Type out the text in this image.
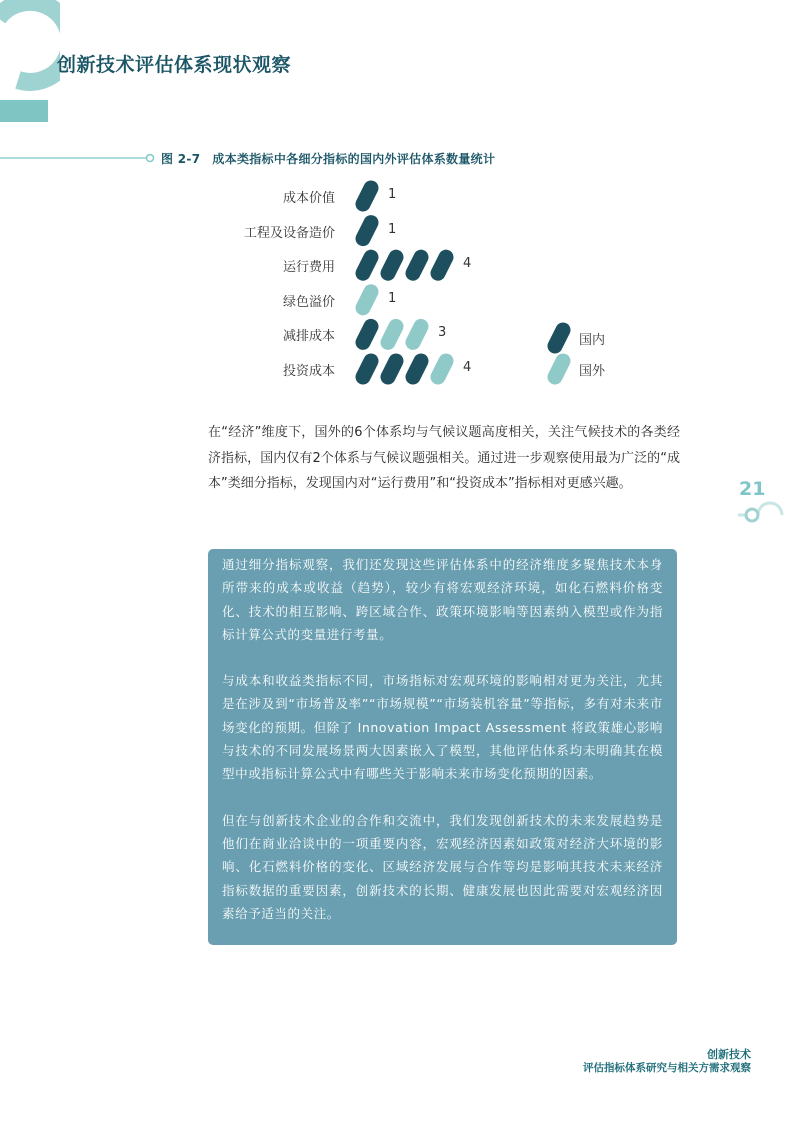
创新技术评估体系现状观察
图 2-7 成本类指标中各细分指标的国内外评估体系数量统计
成本价值	1
工程及设备造价	1
运行费用	4
绿色溢价	1
减排成本	3
投资成本	4
国内
国外
在“经济”维度下，国外的6个体系均与气候议题高度相关，关注气候技术的各类经济指标，国内仅有2个体系与气候议题强相关。通过进一步观察使用最为广泛的“成本”类细分指标，发现国内对“运行费用”和“投资成本”指标相对更感兴趣。	21

通过细分指标观察，我们还发现这些评估体系中的经济维度多聚焦技术本身所带来的成本或收益（趋势），较少有将宏观经济环境，如化石燃料价格变化、技术的相互影响、跨区域合作、政策环境影响等因素纳入模型或作为指标计算公式的变量进行考量。

与成本和收益类指标不同，市场指标对宏观环境的影响相对更为关注，尤其是在涉及到“市场普及率”“市场规模”“市场装机容量”等指标，多有对未来市场变化的预期。但除了 Innovation Impact Assessment 将政策雄心影响与技术的不同发展场景两大因素嵌入了模型，其他评估体系均未明确其在模型中或指标计算公式中有哪些关于影响未来市场变化预期的因素。

但在与创新技术企业的合作和交流中，我们发现创新技术的未来发展趋势是他们在商业洽谈中的一项重要内容，宏观经济因素如政策对经济大环境的影响、化石燃料价格的变化、区域经济发展与合作等均是影响其技术未来经济指标数据的重要因素，创新技术的长期、健康发展也因此需要对宏观经济因素给予适当的关注。

创新技术
评估指标体系研究与相关方需求观察
